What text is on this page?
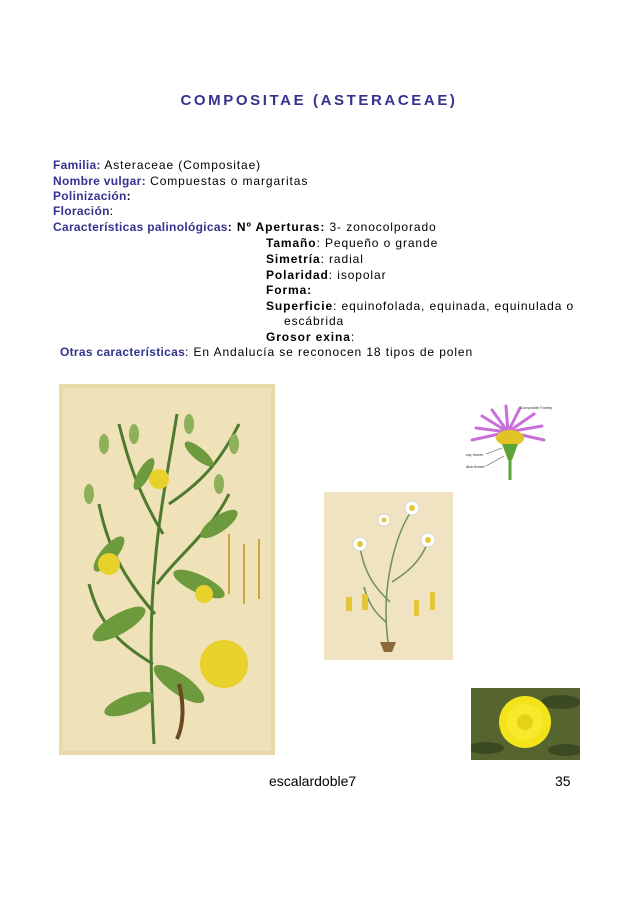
COMPOSITAE (ASTERACEAE)
Familia: Asteraceae (Compositae)
Nombre vulgar: Compuestas o margaritas
Polinización:
Floración:
Características palinológicas: Nº Aperturas: 3- zonocolporado
Tamaño: Pequeño o grande
Simetría: radial
Polaridad: isopolar
Forma:
Superficie: equinofolada, equinada, equinulada o
escábrida
Grosor exina:
Otras características: En Andalucía se reconocen 18 tipos de polen
Composite Family
ray flower
disk flower
escalardoble7	35
